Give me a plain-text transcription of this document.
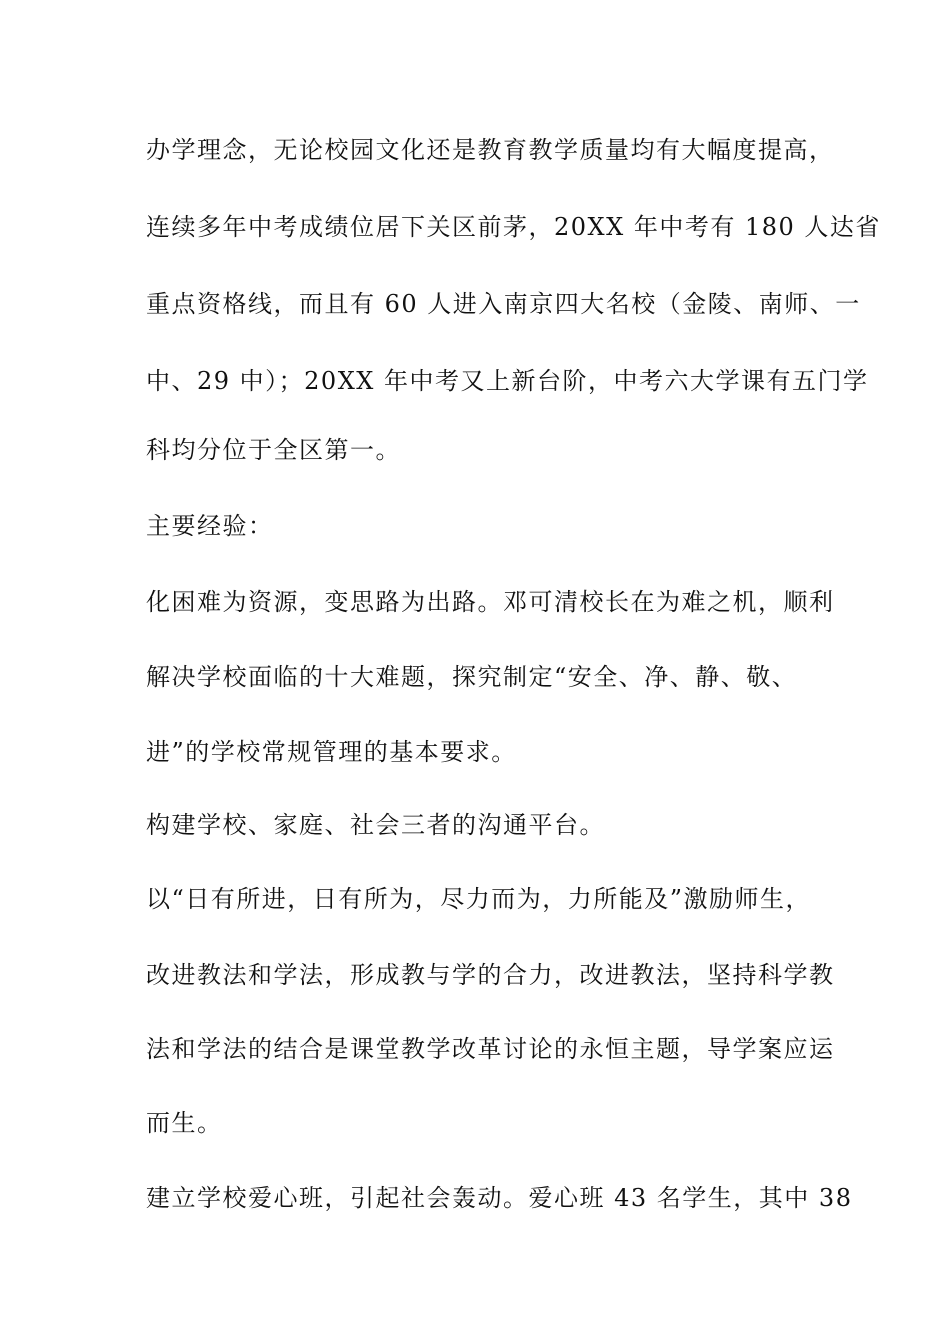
办学理念，无论校园文化还是教育教学质量均有大幅度提高，
连续多年中考成绩位居下关区前茅，20XX 年中考有 180 人达省
重点资格线，而且有 60 人进入南京四大名校（金陵、南师、一
中、29 中）；20XX 年中考又上新台阶，中考六大学课有五门学
科均分位于全区第一。
主要经验：
化困难为资源，变思路为出路。邓可清校长在为难之机，顺利
解决学校面临的十大难题，探究制定“安全、净、静、敬、
进”的学校常规管理的基本要求。
构建学校、家庭、社会三者的沟通平台。
以“日有所进，日有所为，尽力而为，力所能及”激励师生，
改进教法和学法，形成教与学的合力，改进教法，坚持科学教
法和学法的结合是课堂教学改革讨论的永恒主题，导学案应运
而生。
建立学校爱心班，引起社会轰动。爱心班 43 名学生，其中 38
